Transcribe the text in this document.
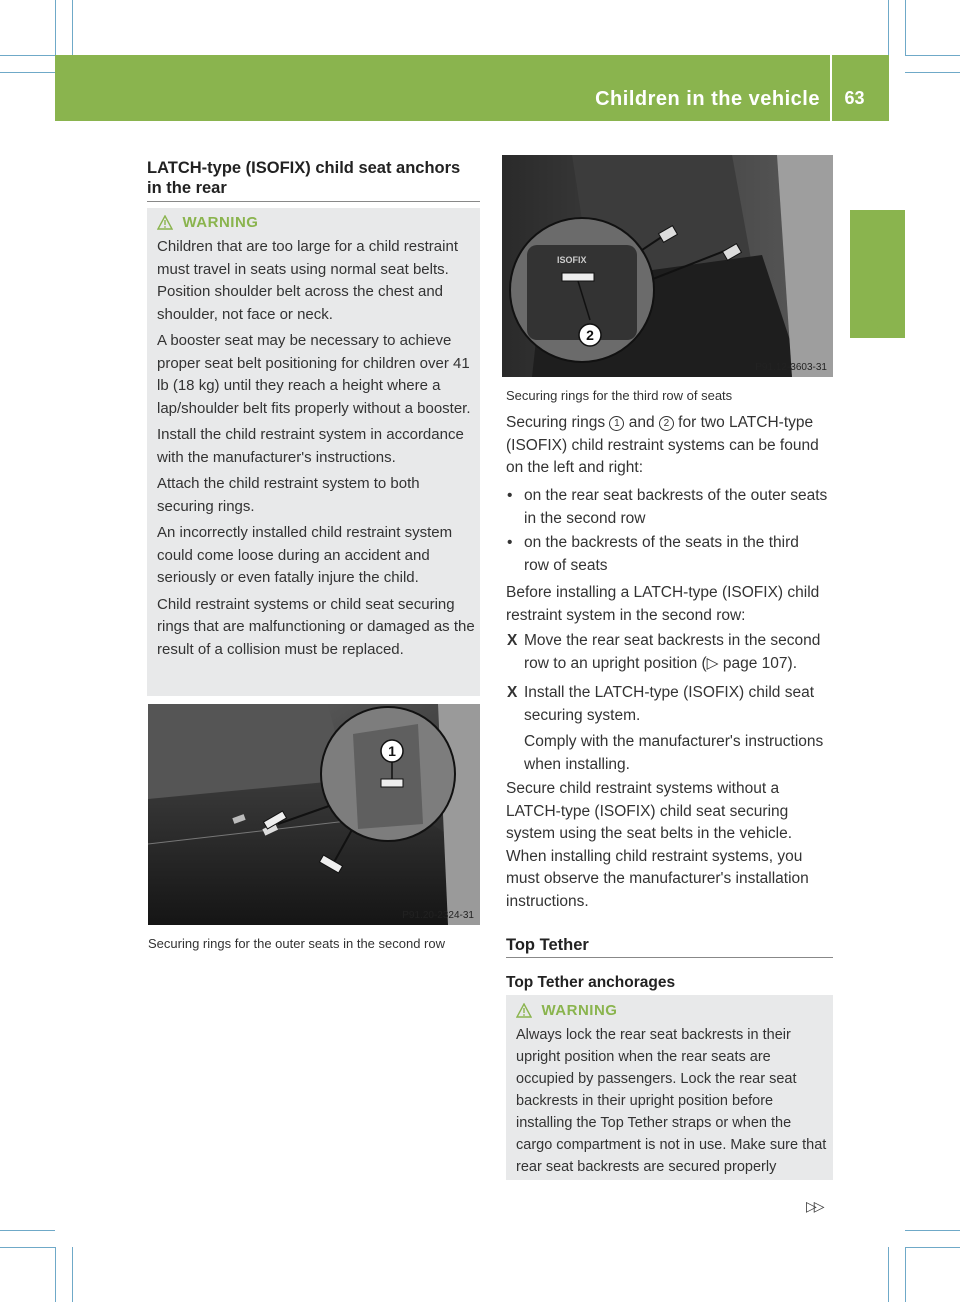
Children in the vehicle	63
Safety
LATCH-type (ISOFIX) child seat anchors
in the rear
WARNING

Children that are too large for a child restraint must travel in seats using normal seat belts. Position shoulder belt across the chest and shoulder, not face or neck.

A booster seat may be necessary to achieve proper seat belt positioning for children over 41 lb (18 kg) until they reach a height where a lap/shoulder belt fits properly without a booster.

Install the child restraint system in accordance with the manufacturer's instructions.

Attach the child restraint system to both securing rings.

An incorrectly installed child restraint system could come loose during an accident and seriously or even fatally injure the child.

Child restraint systems or child seat securing rings that are malfunctioning or damaged as the result of a collision must be replaced.

1
P91.20-2324-31
Securing rings for the outer seats in the second row
ISOFIX
2
P91.12-3603-31
Securing rings for the third row of seats
Securing rings 1 and 2 for two LATCH-type (ISOFIX) child restraint systems can be found on the left and right:
• on the rear seat backrests of the outer seats in the second row
• on the backrests of the seats in the third row of seats
Before installing a LATCH-type (ISOFIX) child restraint system in the second row:
X Move the rear seat backrests in the second row to an upright position (▷ page 107).
X Install the LATCH-type (ISOFIX) child seat securing system.
Comply with the manufacturer's instructions when installing.
Secure child restraint systems without a LATCH-type (ISOFIX) child seat securing system using the seat belts in the vehicle. When installing child restraint systems, you must observe the manufacturer's installation instructions.
Top Tether
Top Tether anchorages
WARNING
Always lock the rear seat backrests in their upright position when the rear seats are occupied by passengers. Lock the rear seat backrests in their upright position before installing the Top Tether straps or when the cargo compartment is not in use. Make sure that rear seat backrests are secured properly
▷▷
